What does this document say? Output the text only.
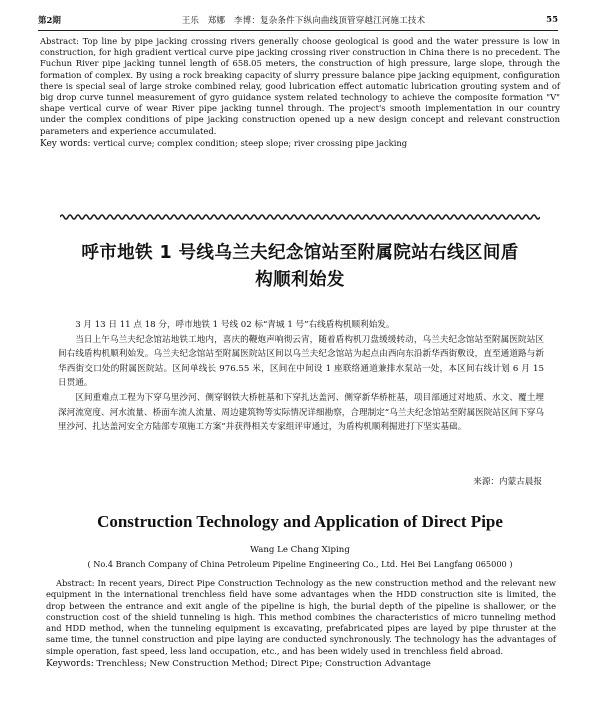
第2期	王乐　郑娜　李博：复杂条件下纵向曲线顶管穿越江河施工技术	55

Abstract: Top line by pipe jacking crossing rivers generally choose geological is good and the water pressure is low in construction, for high gradient vertical curve pipe jacking crossing river construction in China there is no precedent. The Fuchun River pipe jacking tunnel length of 658.05 meters, the construction of high pressure, large slope, through the formation of complex. By using a rock breaking capacity of slurry pressure balance pipe jacking equipment, configuration there is special seal of large stroke combined relay, good lubrication effect automatic lubrication grouting system and of big drop curve tunnel measurement of gyro guidance system related technology to achieve the composite formation "V" shape vertical curve of wear River pipe jacking tunnel through. The project's smooth implementation in our country under the complex conditions of pipe jacking construction opened up a new design concept and relevant construction parameters and experience accumulated.

Key words: vertical curve; complex condition; steep slope; river crossing pipe jacking
呼市地铁 1 号线乌兰夫纪念馆站至附属院站右线区间盾
构顺利始发

3 月 13 日 11 点 18 分，呼市地铁 1 号线 02 标“青城 1 号”右线盾构机顺利始发。

当日上午乌兰夫纪念馆站地铁工地内，喜庆的鞭炮声响彻云宵，随着盾构机刀盘缓缓转动，乌兰夫纪念馆站至附属医院站区间右线盾构机顺利始发。乌兰夫纪念馆站至附属医院站区间以乌兰夫纪念馆站为起点由西向东沿新华西街敷设，直至通道路与新华西街交口处的附属医院站。区间单线长 976.55 米，区间在中间设 1 座联络通道兼排水泵站一处，本区间右线计划 6 月 15 日贯通。

区间重难点工程为下穿乌里沙河、侧穿钢铁大桥桩基和下穿扎达盖河、侧穿新华桥桩基，项目部通过对地质、水文、覆土埋深河流宽度、河水流量、桥面车流人流量、周边建筑物等实际情况详细勘察，合理制定“乌兰夫纪念馆站至附属医院站区间下穿乌里沙河、扎达盖河安全方陆部专项施工方案”并获得相关专家组评审通过，为盾构机顺利掘进打下坚实基础。

来源：内蒙古晨报
Construction Technology and Application of Direct Pipe
Wang Le Chang Xiping
( No.4 Branch Company of China Petroleum Pipeline Engineering Co., Ltd. Hei Bei Langfang 065000 )

Abstract: In recent years, Direct Pipe Construction Technology as the new construction method and the relevant new equipment in the international trenchless field have some advantages when the HDD construction site is limited, the drop between the entrance and exit angle of the pipeline is high, the burial depth of the pipeline is shallower, or the construction cost of the shield tunneling is high. This method combines the characteristics of micro tunneling method and HDD method, when the tunneling equipment is excavating, prefabricated pipes are layed by pipe thruster at the same time, the tunnel construction and pipe laying are conducted synchronously. The technology has the advantages of simple operation, fast speed, less land occupation, etc., and has been widely used in trenchless field abroad.

Keywords: Trenchless; New Construction Method; Direct Pipe; Construction Advantage
